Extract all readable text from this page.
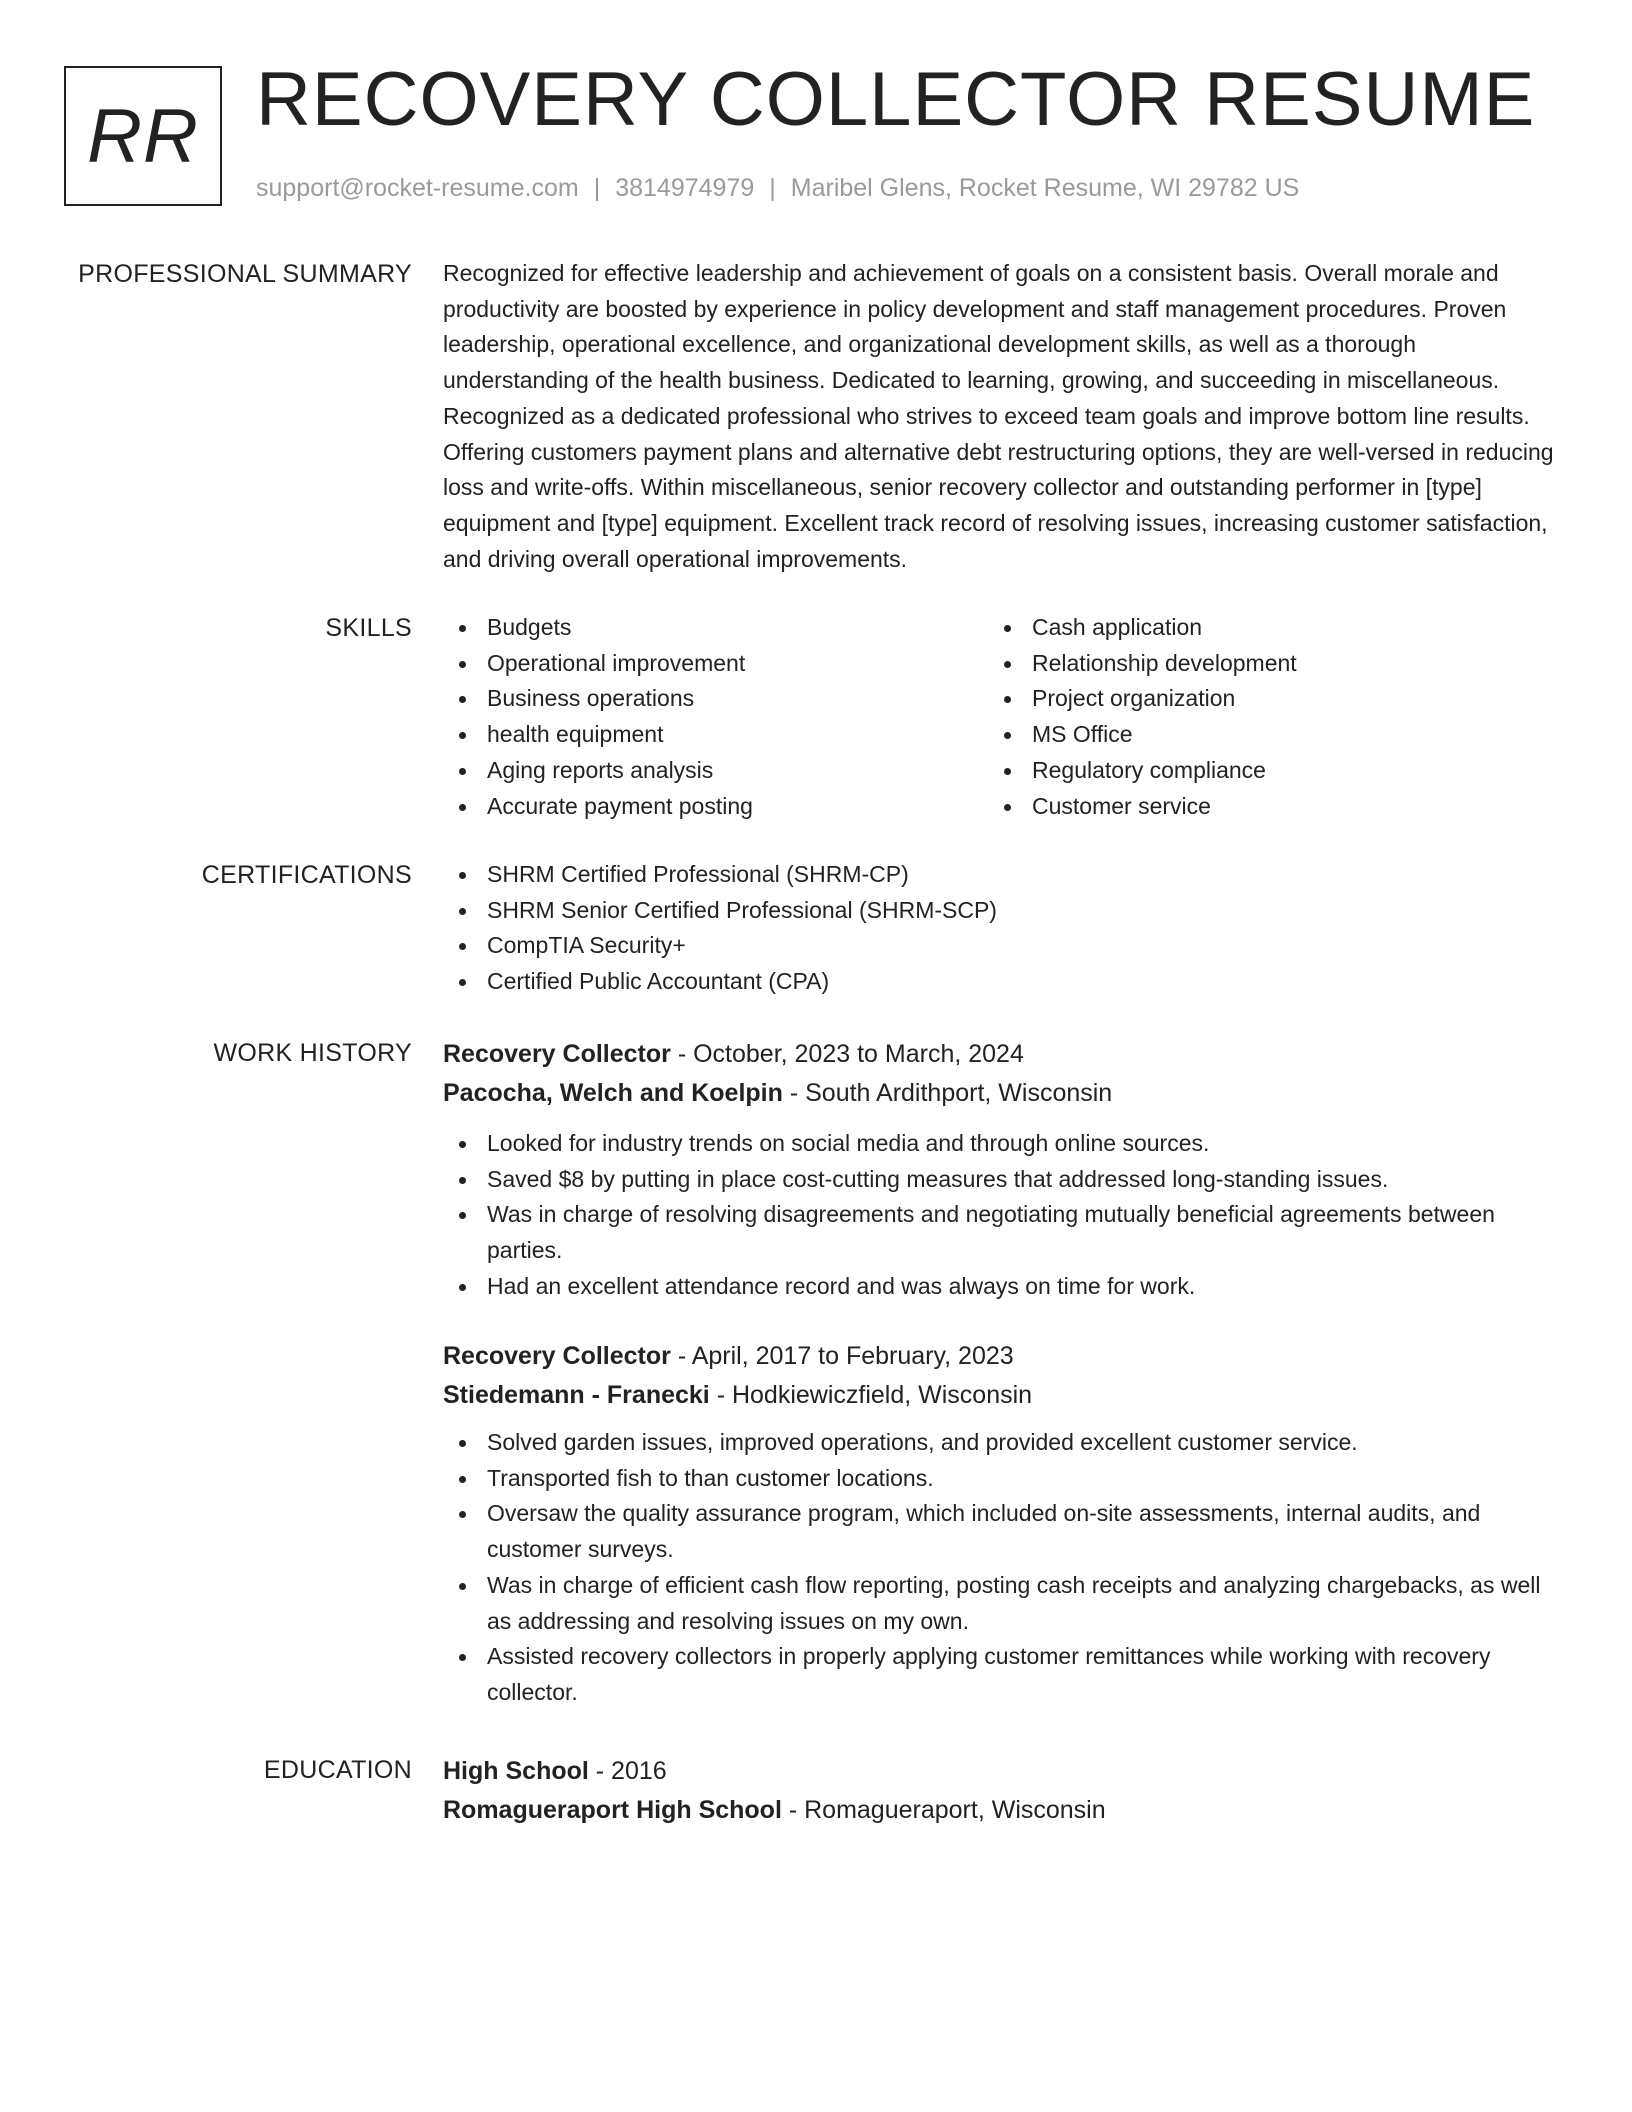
RR RECOVERY COLLECTOR RESUME
support@rocket-resume.com | 3814974979 | Maribel Glens, Rocket Resume, WI 29782 US
PROFESSIONAL SUMMARY Recognized for effective leadership and achievement of goals on a consistent basis. Overall morale and productivity are boosted by experience in policy development and staff management procedures. Proven leadership, operational excellence, and organizational development skills, as well as a thorough understanding of the health business. Dedicated to learning, growing, and succeeding in miscellaneous. Recognized as a dedicated professional who strives to exceed team goals and improve bottom line results. Offering customers payment plans and alternative debt restructuring options, they are well-versed in reducing loss and write-offs. Within miscellaneous, senior recovery collector and outstanding performer in [type] equipment and [type] equipment. Excellent track record of resolving issues, increasing customer satisfaction, and driving overall operational improvements.
SKILLS	Budgets
Operational improvement
Business operations
health equipment
Aging reports analysis
Accurate payment posting
Cash application
Relationship development
Project organization
MS Office
Regulatory compliance
Customer service
CERTIFICATIONS	SHRM Certified Professional (SHRM-CP)
SHRM Senior Certified Professional (SHRM-SCP)
CompTIA Security+
Certified Public Accountant (CPA)
WORK HISTORY Recovery Collector - October, 2023 to March, 2024
Pacocha, Welch and Koelpin - South Ardithport, Wisconsin
Looked for industry trends on social media and through online sources.
Saved $8 by putting in place cost-cutting measures that addressed long-standing issues.
Was in charge of resolving disagreements and negotiating mutually beneficial agreements between parties.
Had an excellent attendance record and was always on time for work.
Recovery Collector - April, 2017 to February, 2023
Stiedemann - Franecki - Hodkiewiczfield, Wisconsin
Solved garden issues, improved operations, and provided excellent customer service.
Transported fish to than customer locations.
Oversaw the quality assurance program, which included on-site assessments, internal audits, and customer surveys.
Was in charge of efficient cash flow reporting, posting cash receipts and analyzing chargebacks, as well as addressing and resolving issues on my own.
Assisted recovery collectors in properly applying customer remittances while working with recovery collector.
EDUCATION High School - 2016
Romagueraport High School - Romagueraport, Wisconsin
